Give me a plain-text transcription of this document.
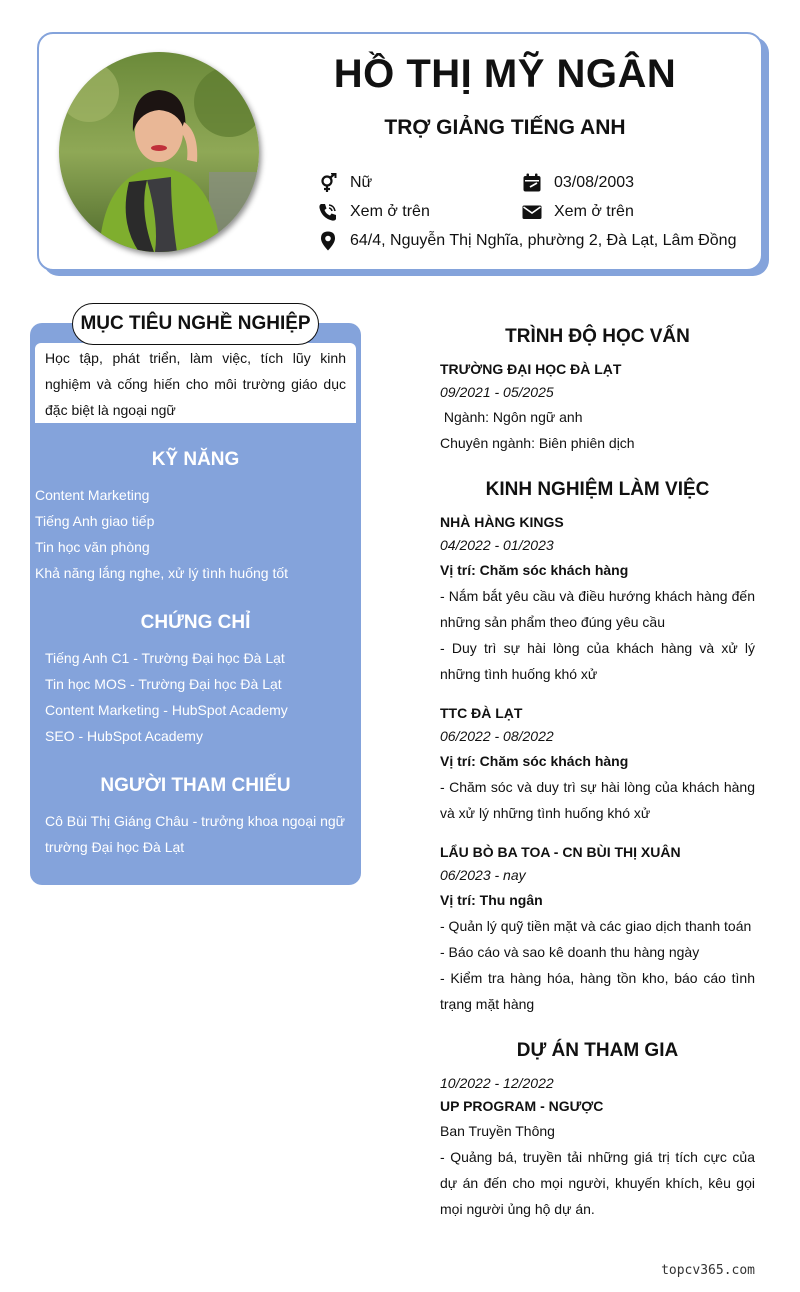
HỒ THỊ MỸ NGÂN
TRỢ GIẢNG TIẾNG ANH
Nữ	03/08/2003
Xem ở trên	Xem ở trên
64/4, Nguyễn Thị Nghĩa, phường 2, Đà Lạt, Lâm Đồng
MỤC TIÊU NGHỀ NGHIỆP
Học tập, phát triển, làm việc, tích lũy kinh nghiệm và cống hiến cho môi trường giáo dục đặc biệt là ngoại ngữ
KỸ NĂNG
Content Marketing
Tiếng Anh giao tiếp
Tin học văn phòng
Khả năng lắng nghe, xử lý tình huống tốt
CHỨNG CHỈ
Tiếng Anh C1 - Trường Đại học Đà Lạt
Tin học MOS - Trường Đại học Đà Lạt
Content Marketing - HubSpot Academy
SEO - HubSpot Academy
NGƯỜI THAM CHIẾU
Cô Bùi Thị Giáng Châu - trưởng khoa ngoại ngữ
trường Đại học Đà Lạt
TRÌNH ĐỘ HỌC VẤN
TRƯỜNG ĐẠI HỌC ĐÀ LẠT
09/2021 - 05/2025
Ngành: Ngôn ngữ anh
Chuyên ngành: Biên phiên dịch
KINH NGHIỆM LÀM VIỆC
NHÀ HÀNG KINGS
04/2022 - 01/2023
Vị trí: Chăm sóc khách hàng
- Nắm bắt yêu cầu và điều hướng khách hàng đến những sản phẩm theo đúng yêu cầu
- Duy trì sự hài lòng của khách hàng và xử lý những tình huống khó xử
TTC ĐÀ LẠT
06/2022 - 08/2022
Vị trí: Chăm sóc khách hàng
- Chăm sóc và duy trì sự hài lòng của khách hàng và xử lý những tình huống khó xử
LẨU BÒ BA TOA - CN BÙI THỊ XUÂN
06/2023 - nay
Vị trí: Thu ngân
- Quản lý quỹ tiền mặt và các giao dịch thanh toán
- Báo cáo và sao kê doanh thu hàng ngày
- Kiểm tra hàng hóa, hàng tồn kho, báo cáo tình trạng mặt hàng
DỰ ÁN THAM GIA
10/2022 - 12/2022
UP PROGRAM - NGƯỢC
Ban Truyền Thông
- Quảng bá, truyền tải những giá trị tích cực của dự án đến cho mọi người, khuyến khích, kêu gọi mọi người ủng hộ dự án.
topcv365.com
